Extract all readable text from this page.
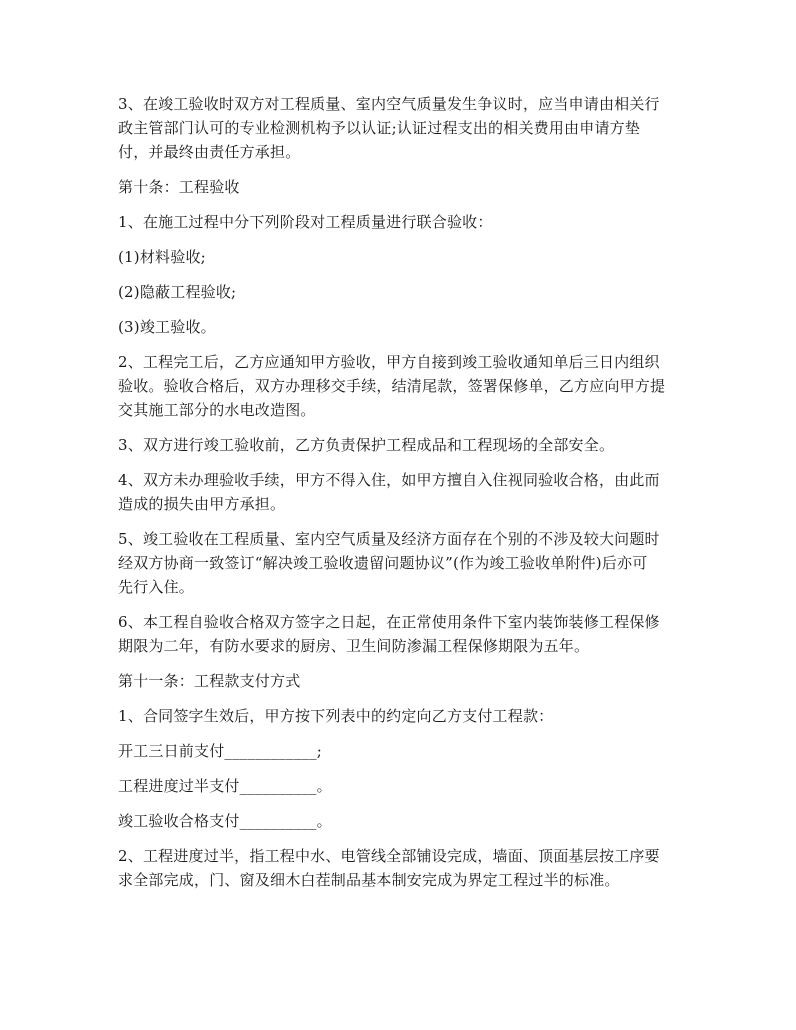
3、在竣工验收时双方对工程质量、室内空气质量发生争议时，应当申请由相关行
政主管部门认可的专业检测机构予以认证;认证过程支出的相关费用由申请方垫
付，并最终由责任方承担。

第十条：工程验收

1、在施工过程中分下列阶段对工程质量进行联合验收：

(1)材料验收;

(2)隐蔽工程验收;

(3)竣工验收。

2、工程完工后，乙方应通知甲方验收，甲方自接到竣工验收通知单后三日内组织
验收。验收合格后，双方办理移交手续，结清尾款，签署保修单，乙方应向甲方提
交其施工部分的水电改造图。

3、双方进行竣工验收前，乙方负责保护工程成品和工程现场的全部安全。

4、双方未办理验收手续，甲方不得入住，如甲方擅自入住视同验收合格，由此而
造成的损失由甲方承担。

5、竣工验收在工程质量、室内空气质量及经济方面存在个别的不涉及较大问题时
经双方协商一致签订“解决竣工验收遗留问题协议”(作为竣工验收单附件)后亦可
先行入住。

6、本工程自验收合格双方签字之日起，在正常使用条件下室内装饰装修工程保修
期限为二年，有防水要求的厨房、卫生间防渗漏工程保修期限为五年。

第十一条：工程款支付方式

1、合同签字生效后，甲方按下列表中的约定向乙方支付工程款：

开工三日前支付____________;

工程进度过半支付__________。

竣工验收合格支付__________。

2、工程进度过半，指工程中水、电管线全部铺设完成，墙面、顶面基层按工序要
求全部完成，门、窗及细木白茬制品基本制安完成为界定工程过半的标准。
